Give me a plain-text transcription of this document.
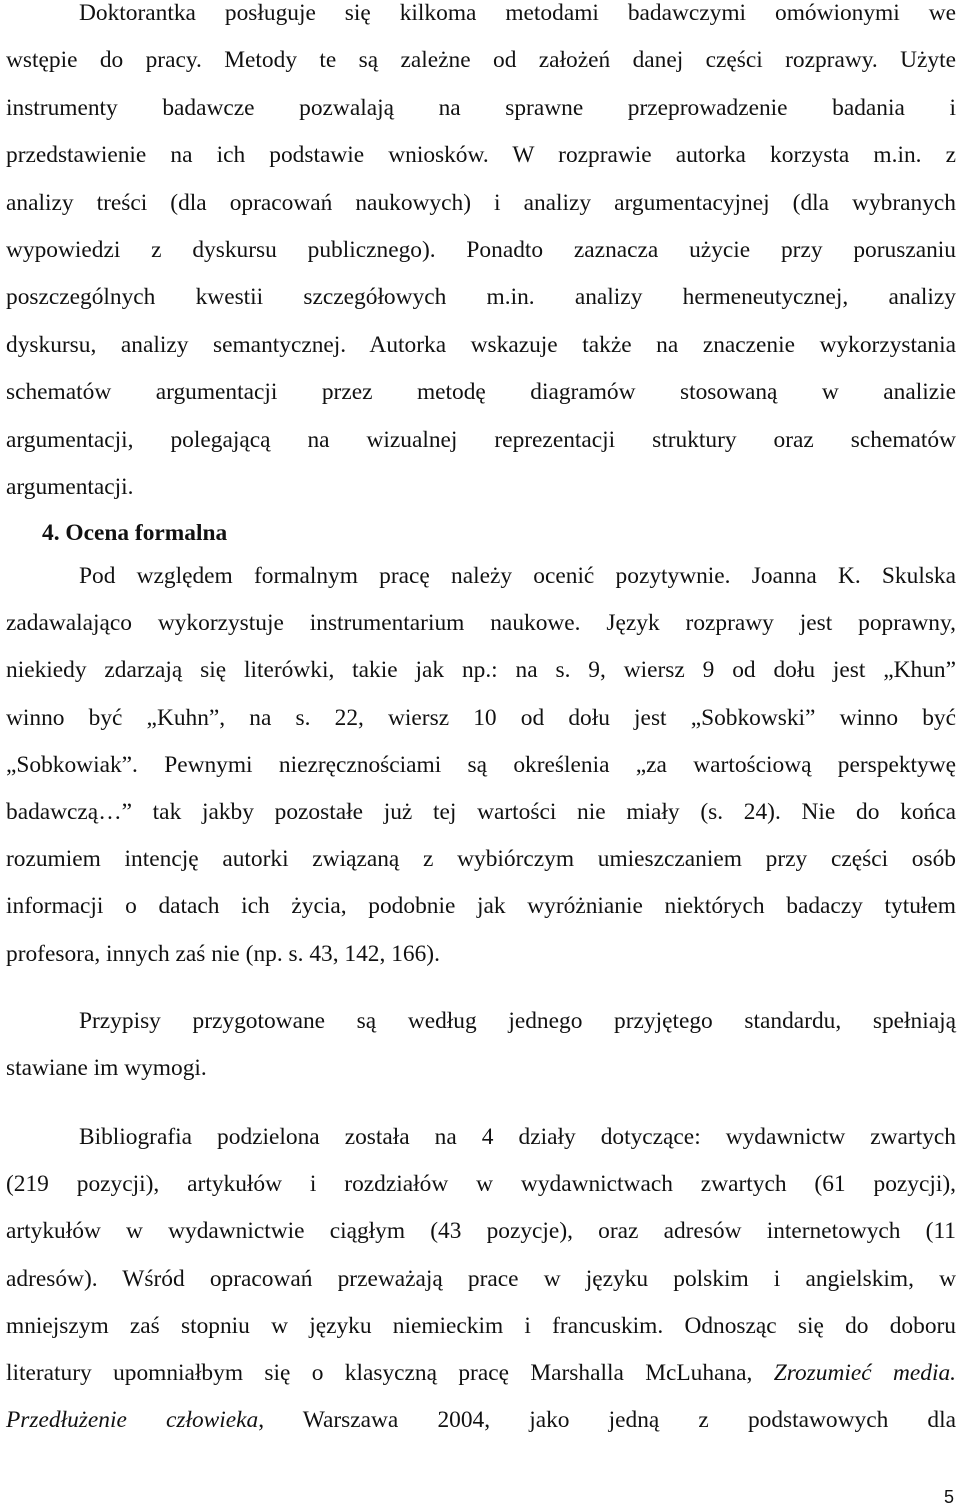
Doktorantka posługuje się kilkoma metodami badawczymi omówionymi we
wstępie do pracy. Metody te są zależne od założeń danej części rozprawy. Użyte
instrumenty badawcze pozwalają na sprawne przeprowadzenie badania i
przedstawienie na ich podstawie wniosków. W rozprawie autorka korzysta m.in. z
analizy treści (dla opracowań naukowych) i analizy argumentacyjnej (dla wybranych
wypowiedzi z dyskursu publicznego). Ponadto zaznacza użycie przy poruszaniu
poszczególnych kwestii szczegółowych m.in. analizy hermeneutycznej, analizy
dyskursu, analizy semantycznej. Autorka wskazuje także na znaczenie wykorzystania
schematów argumentacji przez metodę diagramów stosowaną w analizie
argumentacji, polegającą na wizualnej reprezentacji struktury oraz schematów
argumentacji.
4. Ocena formalna
Pod względem formalnym pracę należy ocenić pozytywnie. Joanna K. Skulska
zadawalająco wykorzystuje instrumentarium naukowe. Język rozprawy jest poprawny,
niekiedy zdarzają się literówki, takie jak np.: na s. 9, wiersz 9 od dołu jest „Khun”
winno być „Kuhn”, na s. 22, wiersz 10 od dołu jest „Sobkowski” winno być
„Sobkowiak”. Pewnymi niezręcznościami są określenia „za wartościową perspektywę
badawczą…” tak jakby pozostałe już tej wartości nie miały (s. 24). Nie do końca
rozumiem intencję autorki związaną z wybiórczym umieszczaniem przy części osób
informacji o datach ich życia, podobnie jak wyróżnianie niektórych badaczy tytułem
profesora, innych zaś nie (np. s. 43, 142, 166).
Przypisy przygotowane są według jednego przyjętego standardu, spełniają
stawiane im wymogi.
Bibliografia podzielona została na 4 działy dotyczące: wydawnictw zwartych
(219 pozycji), artykułów i rozdziałów w wydawnictwach zwartych (61 pozycji),
artykułów w wydawnictwie ciągłym (43 pozycje), oraz adresów internetowych (11
adresów). Wśród opracowań przeważają prace w języku polskim i angielskim, w
mniejszym zaś stopniu w języku niemieckim i francuskim. Odnosząc się do doboru
literatury upomniałbym się o klasyczną pracę Marshalla McLuhana, Zrozumieć media.
Przedłużenie człowieka, Warszawa 2004, jako jedną z podstawowych dla
5
